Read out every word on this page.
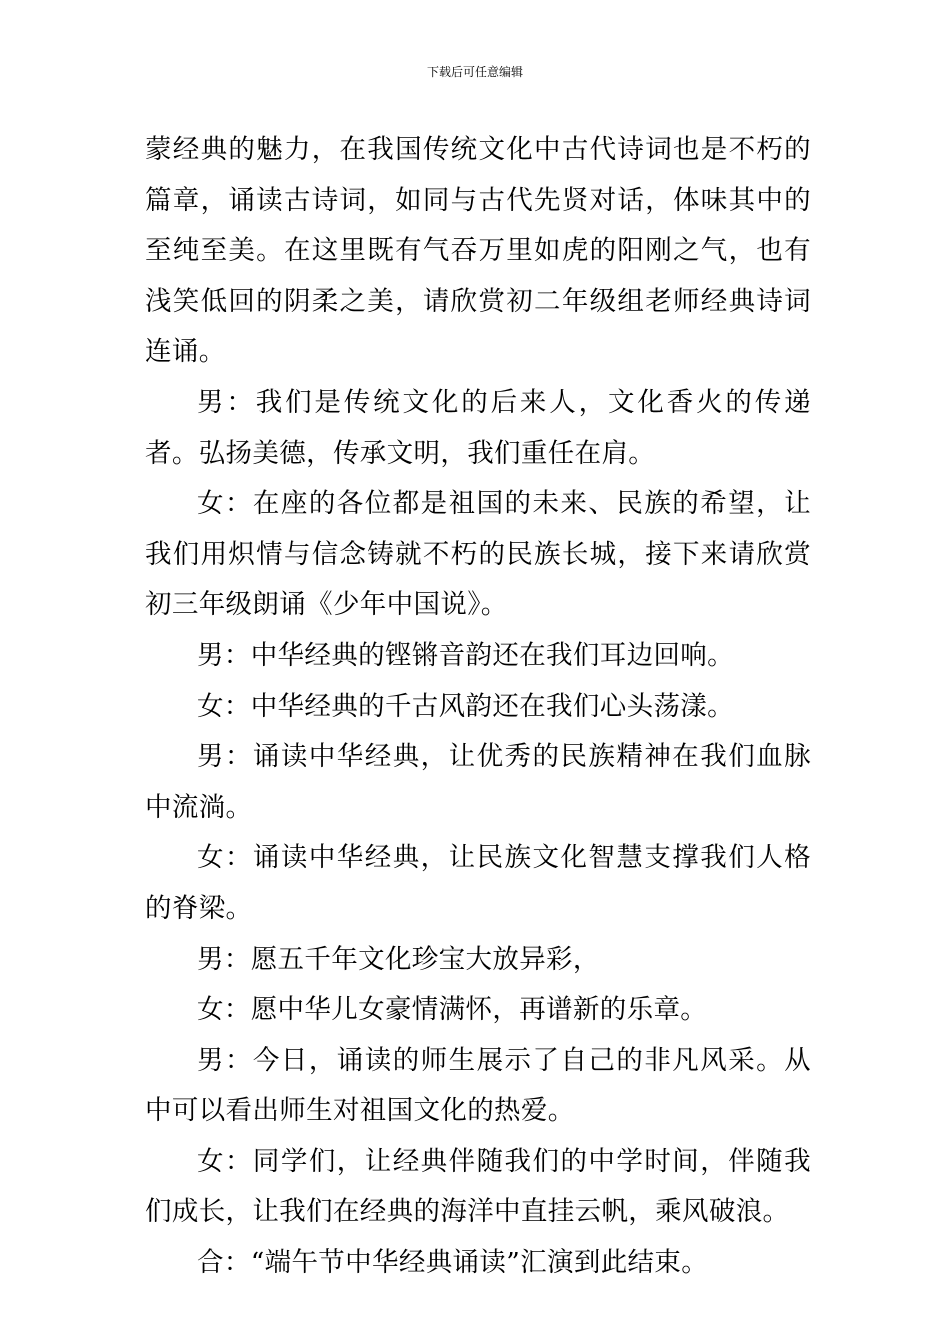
下载后可任意编辑

蒙经典的魅力，在我国传统文化中古代诗词也是不朽的篇章，诵读古诗词，如同与古代先贤对话，体味其中的至纯至美。在这里既有气吞万里如虎的阳刚之气，也有浅笑低回的阴柔之美，请欣赏初二年级组老师经典诗词连诵。

男：我们是传统文化的后来人，文化香火的传递者。弘扬美德，传承文明，我们重任在肩。

女：在座的各位都是祖国的未来、民族的希望，让我们用炽情与信念铸就不朽的民族长城，接下来请欣赏初三年级朗诵《少年中国说》。

男：中华经典的铿锵音韵还在我们耳边回响。

女：中华经典的千古风韵还在我们心头荡漾。

男：诵读中华经典，让优秀的民族精神在我们血脉中流淌。

女：诵读中华经典，让民族文化智慧支撑我们人格的脊梁。

男：愿五千年文化珍宝大放异彩，

女：愿中华儿女豪情满怀，再谱新的乐章。

男：今日，诵读的师生展示了自己的非凡风采。从中可以看出师生对祖国文化的热爱。

女：同学们，让经典伴随我们的中学时间，伴随我们成长，让我们在经典的海洋中直挂云帆，乘风破浪。

合：“端午节中华经典诵读”汇演到此结束。
